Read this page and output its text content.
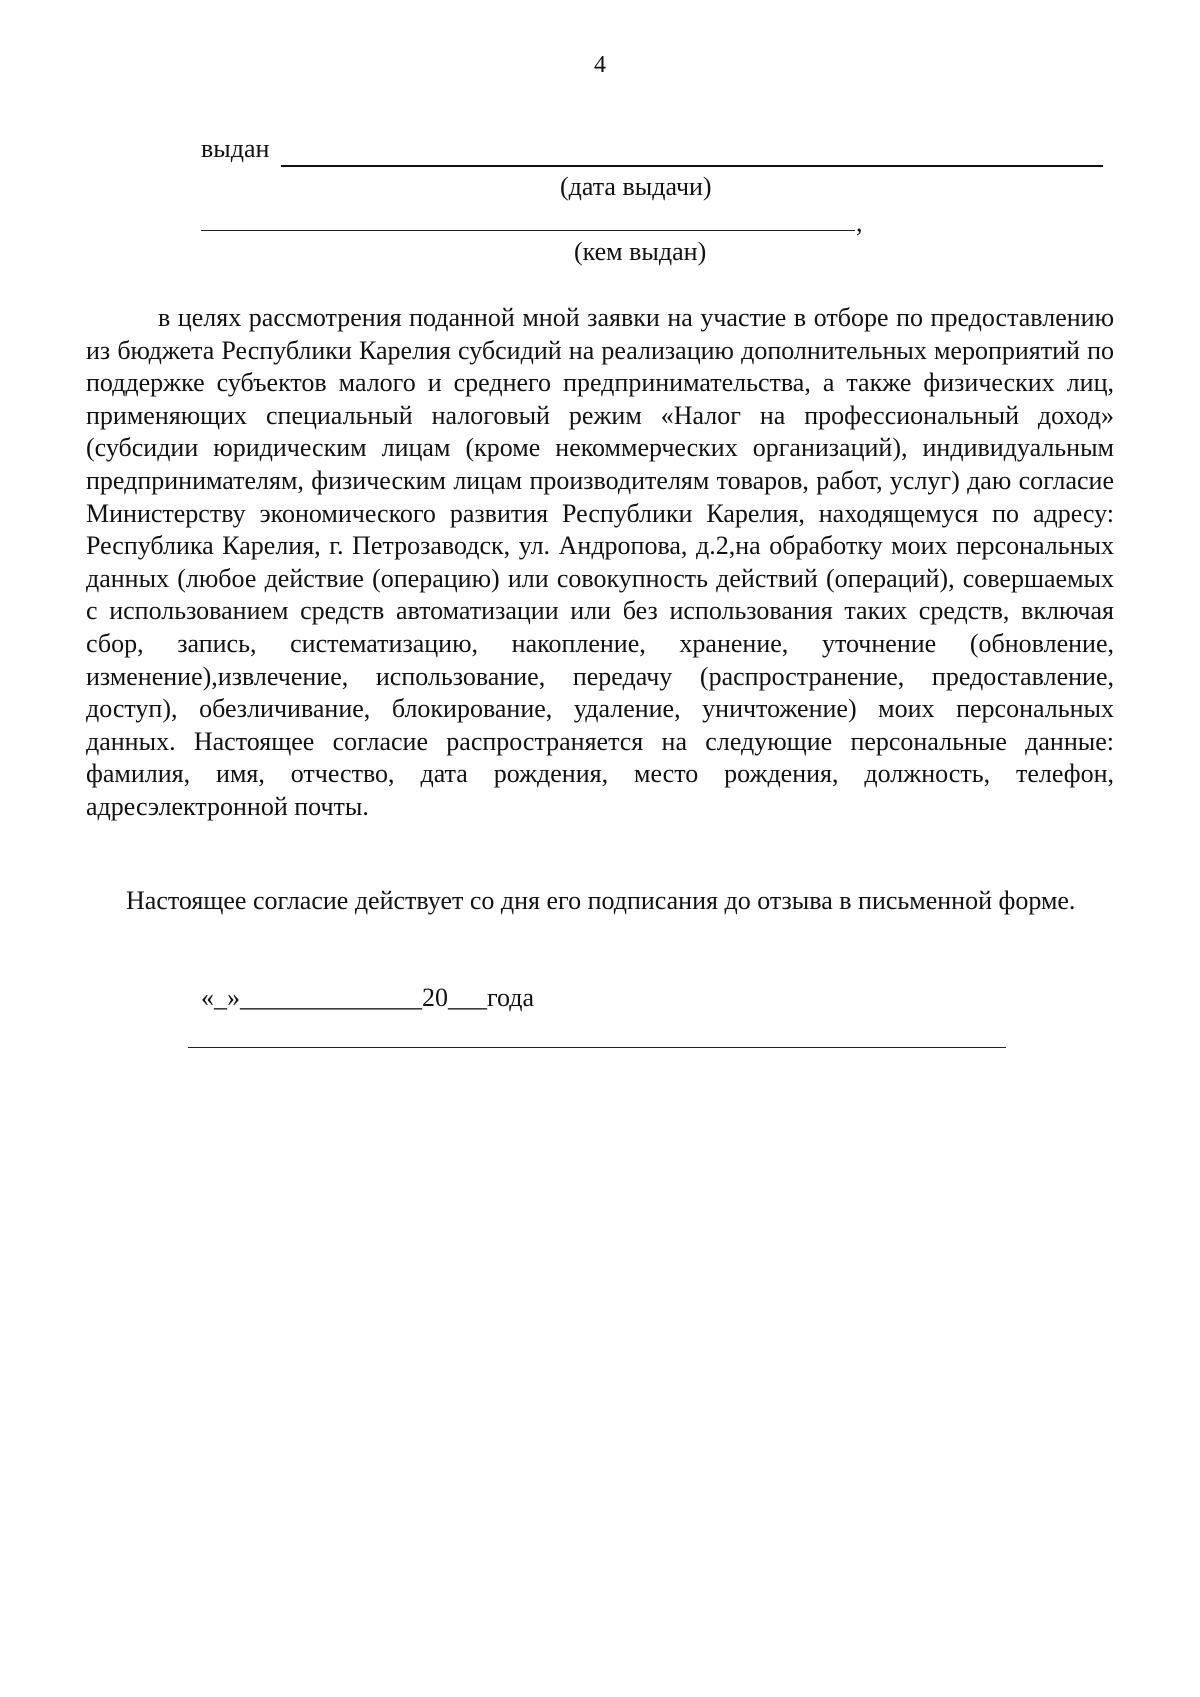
4
выдан
(дата выдачи)
,
(кем выдан)

в целях рассмотрения поданной мной заявки на участие в отборе по предоставлению из бюджета Республики Карелия субсидий на реализацию дополнительных мероприятий по поддержке субъектов малого и среднего предпринимательства, а также физических лиц, применяющих специальный налоговый режим «Налог на профессиональный доход» (субсидии юридическим лицам (кроме некоммерческих организаций), индивидуальным предпринимателям, физическим лицам производителям товаров, работ, услуг) даю согласие Министерству экономического развития Республики Карелия, находящемуся по адресу: Республика Карелия, г. Петрозаводск, ул. Андропова, д.2,на обработку моих персональных данных (любое действие (операцию) или совокупность действий (операций), совершаемых с использованием средств автоматизации или без использования таких средств, включая сбор, запись, систематизацию, накопление, хранение, уточнение (обновление, изменение),извлечение, использование, передачу (распространение, предоставление, доступ), обезличивание, блокирование, удаление, уничтожение) моих персональных данных. Настоящее согласие распространяется на следующие персональные данные: фамилия, имя, отчество, дата рождения, место рождения, должность, телефон, адресэлектронной почты.

Настоящее согласие действует со дня его подписания до отзыва в письменной форме.

«_»______________20___года
